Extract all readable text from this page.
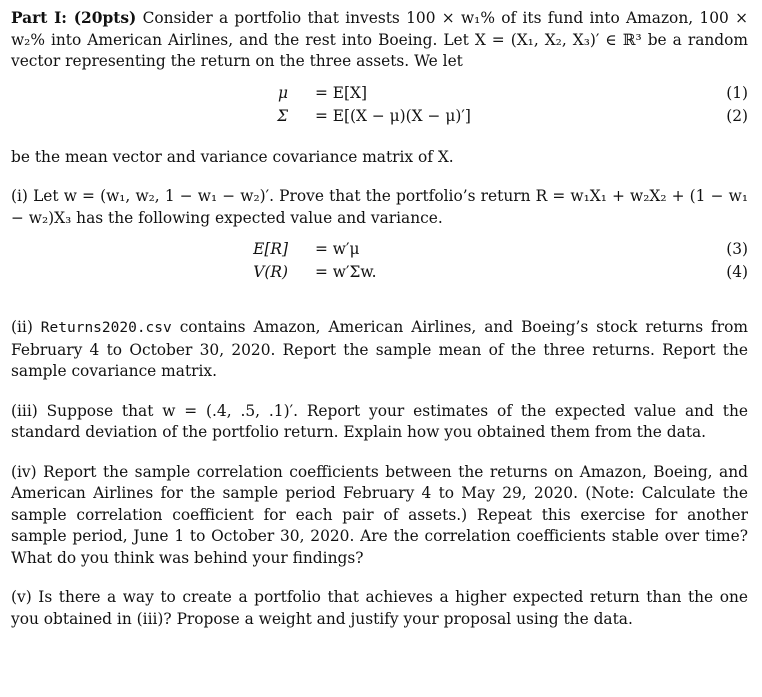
Part I: (20pts) Consider a portfolio that invests 100 × w₁% of its fund into Amazon, 100 × w₂% into American Airlines, and the rest into Boeing. Let X = (X₁, X₂, X₃)′ ∈ ℝ³ be a random vector representing the return on the three assets. We let

μ = E[X]	(1)
Σ = E[(X − μ)(X − μ)′]	(2)

be the mean vector and variance covariance matrix of X.

(i) Let w = (w₁, w₂, 1 − w₁ − w₂)′. Prove that the portfolio’s return R = w₁X₁ + w₂X₂ + (1 − w₁ − w₂)X₃ has the following expected value and variance.

E[R] = w′μ	(3)
V(R) = w′Σw.	(4)

(ii) Returns2020.csv contains Amazon, American Airlines, and Boeing’s stock returns from February 4 to October 30, 2020. Report the sample mean of the three returns. Report the sample covariance matrix.

(iii) Suppose that w = (.4, .5, .1)′. Report your estimates of the expected value and the standard deviation of the portfolio return. Explain how you obtained them from the data.

(iv) Report the sample correlation coefficients between the returns on Amazon, Boeing, and American Airlines for the sample period February 4 to May 29, 2020. (Note: Calculate the sample correlation coefficient for each pair of assets.) Repeat this exercise for another sample period, June 1 to October 30, 2020. Are the correlation coefficients stable over time? What do you think was behind your findings?

(v) Is there a way to create a portfolio that achieves a higher expected return than the one you obtained in (iii)? Propose a weight and justify your proposal using the data.
